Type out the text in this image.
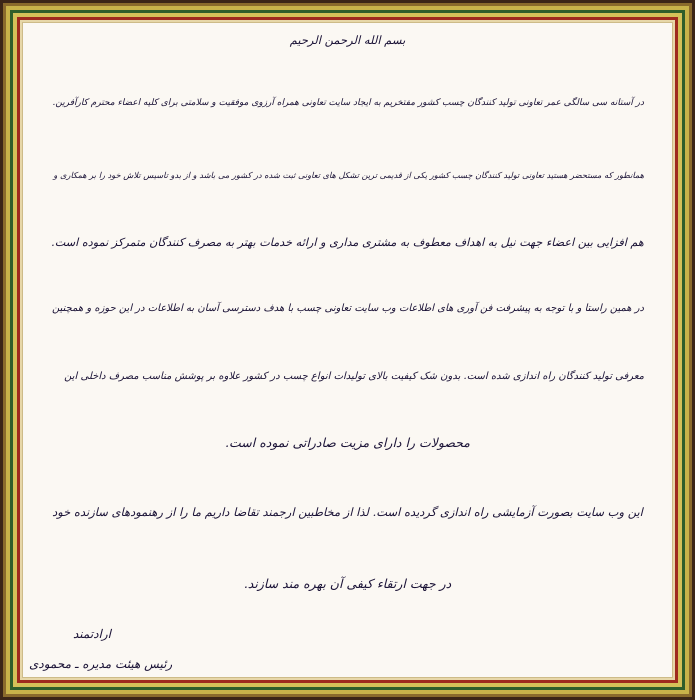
بسم الله الرحمن الرحیم
در آستانه سی سالگی عمر تعاونی تولید کنندگان چسب کشور مفتخریم به ایجاد سایت تعاونی همراه آرزوی موفقیت و سلامتی برای کلیه اعضاء محترم کارآفرین.
همانطور که مستحضر هستید تعاونی تولید کنندگان چسب کشور یکی از قدیمی ترین تشکل های تعاونی ثبت شده در کشور می باشد و از بدو تاسیس تلاش خود را بر همکاری و
هم افزایی بین اعضاء جهت نیل به اهداف معطوف به مشتری مداری و ارائه خدمات بهتر به مصرف کنندگان متمرکز نموده است.
در همین راستا و با توجه به پیشرفت فن آوری های اطلاعات وب سایت تعاونی چسب با هدف دسترسی آسان به اطلاعات در این حوزه و همچنین
معرفی تولید کنندگان راه اندازی شده است. بدون شک کیفیت بالای تولیدات انواع چسب در کشور علاوه بر پوشش مناسب مصرف داخلی این
محصولات را دارای مزیت صادراتی نموده است.
این وب سایت بصورت آزمایشی راه اندازی گردیده است. لذا از مخاطبین ارجمند تقاضا داریم ما را از رهنمودهای سازنده خود
در جهت ارتقاء کیفی آن بهره مند سازند.
ارادتمند
رئیس هیئت مدیره ـ محمودی
